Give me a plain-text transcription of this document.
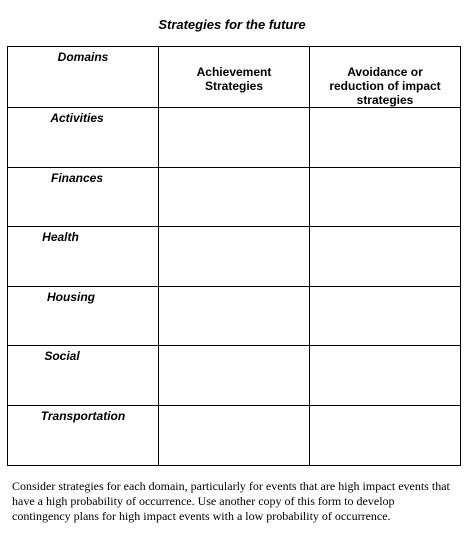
Strategies for the future
Domains	Achievement Strategies	Avoidance or reduction of impact strategies

Activities		
Finances		
Health		
Housing		
Social		
Transportation		
Consider strategies for each domain, particularly for events that are high impact events that have a high probability of occurrence. Use another copy of this form to develop contingency plans for high impact events with a low probability of occurrence.
